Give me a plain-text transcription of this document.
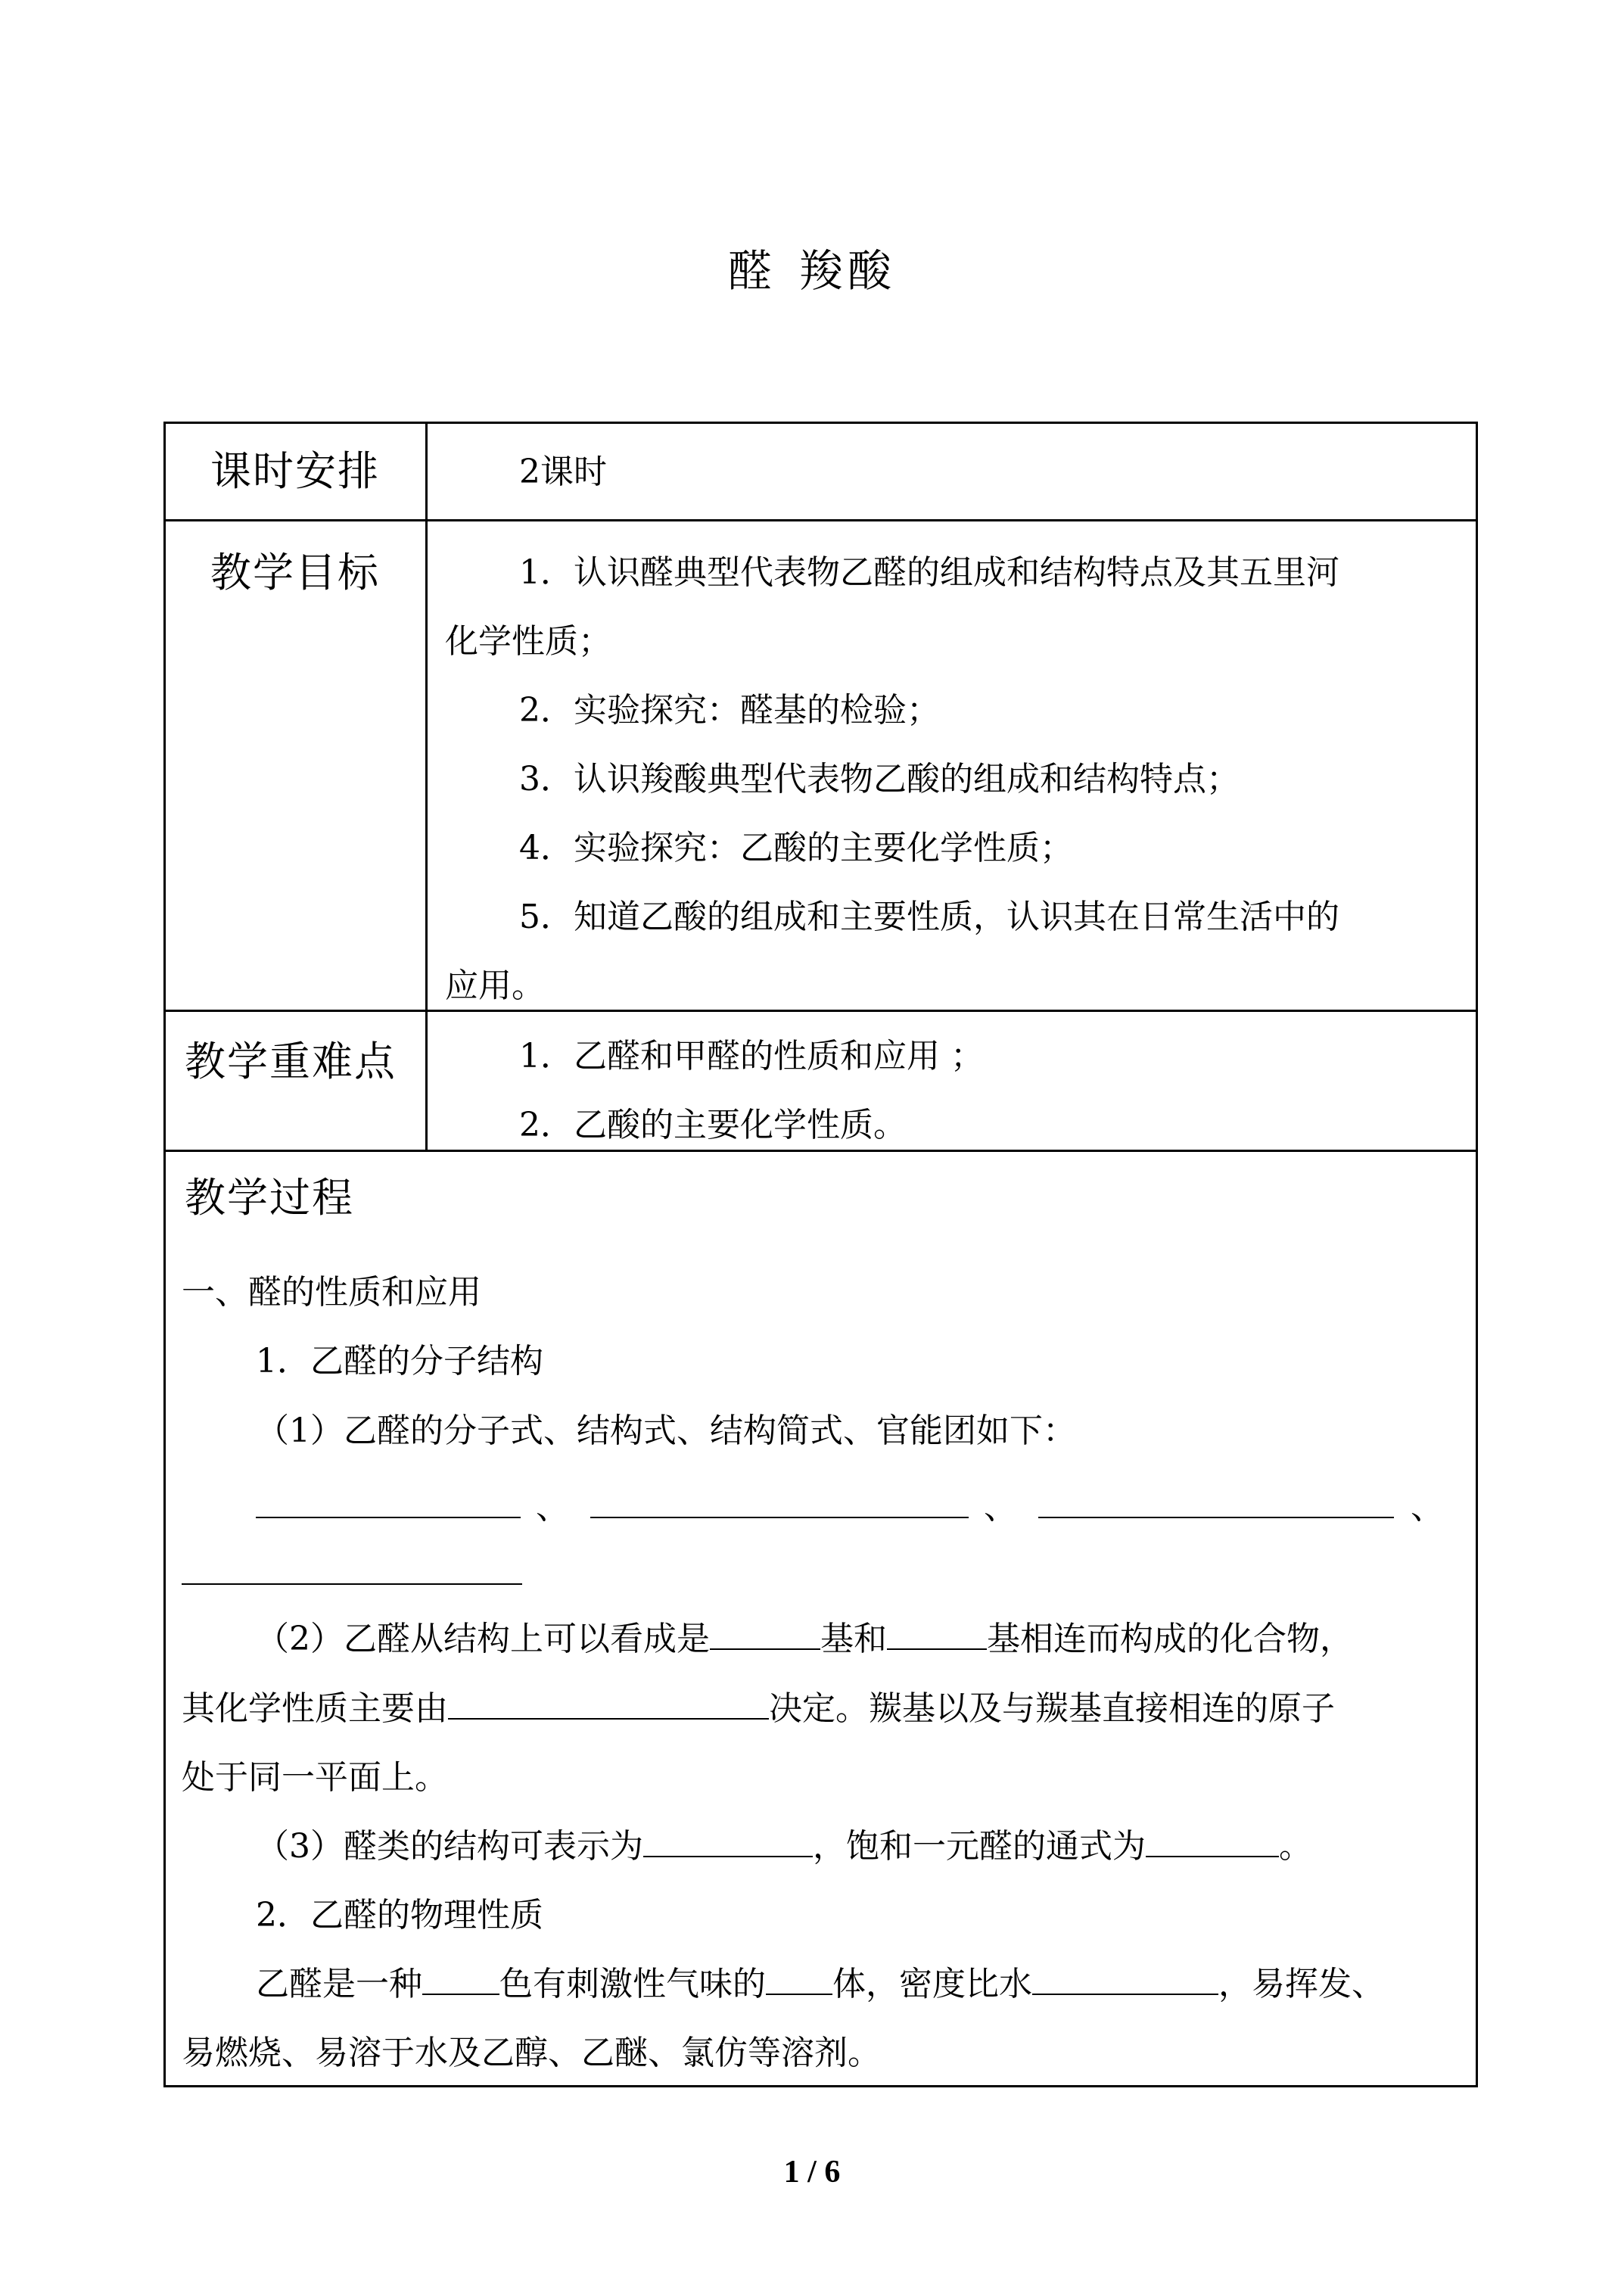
醛 羧酸
课时安排	2课时
教学目标	1．认识醛典型代表物乙醛的组成和结构特点及其五里河
化学性质；
2．实验探究：醛基的检验；
3．认识羧酸典型代表物乙酸的组成和结构特点；
4．实验探究：乙酸的主要化学性质；
5．知道乙酸的组成和主要性质，认识其在日常生活中的
应用。
教学重难点	1．乙醛和甲醛的性质和应用 ；
2．乙酸的主要化学性质。
教学过程
一、醛的性质和应用
1．乙醛的分子结构
（1）乙醛的分子式、结构式、结构简式、官能团如下：
、	、	、
（2）乙醛从结构上可以看成是	基和	基相连而构成的化合物，
其化学性质主要由	决定。羰基以及与羰基直接相连的原子
处于同一平面上。
（3）醛类的结构可表示为	，饱和一元醛的通式为	。
2．乙醛的物理性质
乙醛是一种 色有刺激性气味的 体，密度比水	，易挥发、
易燃烧、易溶于水及乙醇、乙醚、氯仿等溶剂。
1 / 6
